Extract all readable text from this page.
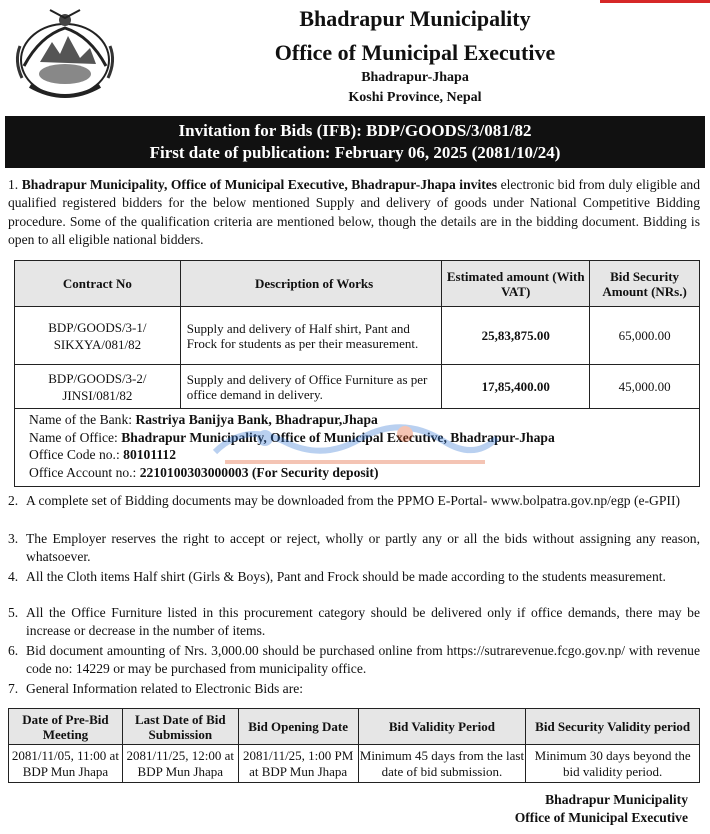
Bhadrapur Municipality
Office of Municipal Executive
Bhadrapur-Jhapa
Koshi Province, Nepal
Invitation for Bids (IFB): BDP/GOODS/3/081/82
First date of publication: February 06, 2025 (2081/10/24)
1. Bhadrapur Municipality, Office of Municipal Executive, Bhadrapur-Jhapa invites electronic bid from duly eligible and qualified registered bidders for the below mentioned Supply and delivery of goods under National Competitive Bidding procedure. Some of the qualification criteria are mentioned below, though the details are in the bidding document. Bidding is open to all eligible national bidders.
Contract No	Description of Works	Estimated amount (With VAT)	Bid Security Amount (NRs.)
BDP/GOODS/3-1/ SIKXYA/081/82	Supply and delivery of Half shirt, Pant and Frock for students as per their measurement.	25,83,875.00	65,000.00
BDP/GOODS/3-2/ JINSI/081/82	Supply and delivery of Office Furniture as per office demand in delivery.	17,85,400.00	45,000.00
Name of the Bank: Rastriya Banijya Bank, Bhadrapur,Jhapa
Name of Office: Bhadrapur Municipality, Office of Municipal Executive, Bhadrapur-Jhapa
Office Code no.: 80101112
Office Account no.: 2210100303000003 (For Security deposit)
2. A complete set of Bidding documents may be downloaded from the PPMO E-Portal- www.bolpatra.gov.np/egp (e-GPII)
3. The Employer reserves the right to accept or reject, wholly or partly any or all the bids without assigning any reason, whatsoever.
4. All the Cloth items Half shirt (Girls & Boys), Pant and Frock should be made according to the students measurement.
5. All the Office Furniture listed in this procurement category should be delivered only if office demands, there may be increase or decrease in the number of items.
6. Bid document amounting of Nrs. 3,000.00 should be purchased online from https://sutrarevenue.fcgo.gov.np/ with revenue code no: 14229 or may be purchased from municipality office.
7. General Information related to Electronic Bids are:
Date of Pre-Bid Meeting	Last Date of Bid Submission	Bid Opening Date	Bid Validity Period	Bid Security Validity period
2081/11/05, 11:00 at BDP Mun Jhapa	2081/11/25, 12:00 at BDP Mun Jhapa	2081/11/25, 1:00 PM at BDP Mun Jhapa	Minimum 45 days from the last date of bid submission.	Minimum 30 days beyond the bid validity period.
Bhadrapur Municipality
Office of Municipal Executive
